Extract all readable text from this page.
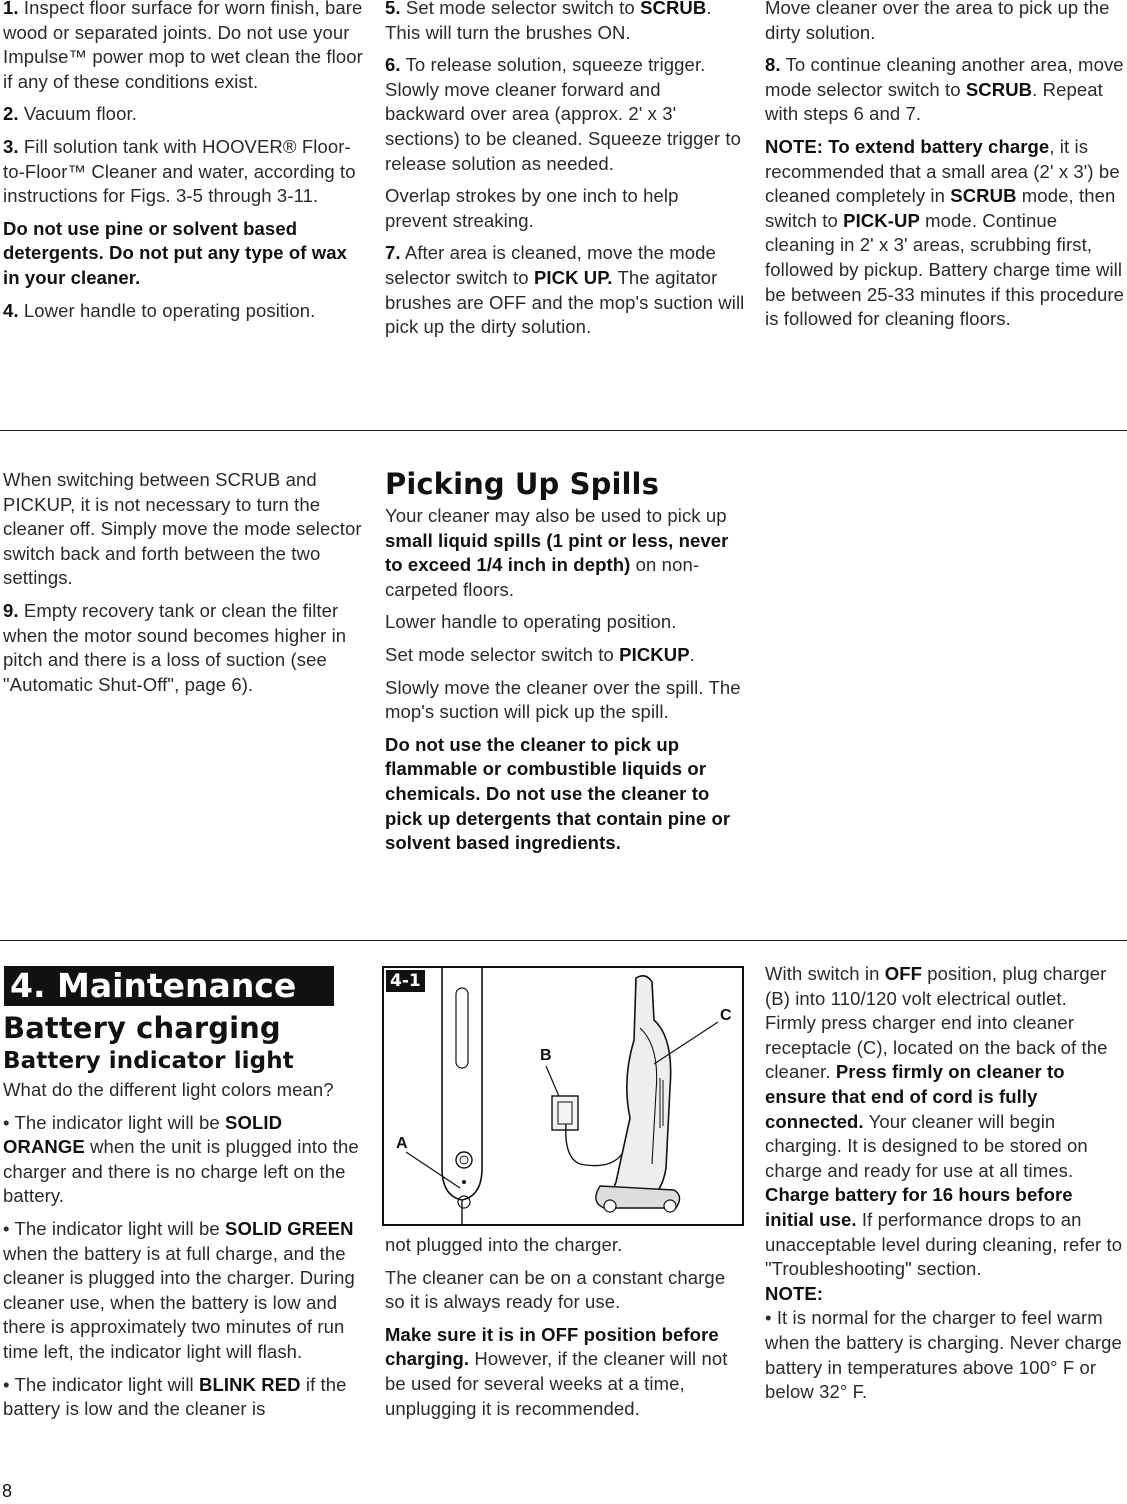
1. Inspect floor surface for worn finish, bare wood or separated joints. Do not use your Impulse™ power mop to wet clean the floor if any of these conditions exist.

2. Vacuum floor.

3. Fill solution tank with HOOVER® Floor-to-Floor™ Cleaner and water, according to instructions for Figs. 3-5 through 3-11.

Do not use pine or solvent based detergents. Do not put any type of wax in your cleaner.

4. Lower handle to operating position.

5. Set mode selector switch to SCRUB. This will turn the brushes ON.

6. To release solution, squeeze trigger. Slowly move cleaner forward and backward over area (approx. 2' x 3' sections) to be cleaned. Squeeze trigger to release solution as needed.

Overlap strokes by one inch to help prevent streaking.

7. After area is cleaned, move the mode selector switch to PICK UP. The agitator brushes are OFF and the mop's suction will pick up the dirty solution.

Move cleaner over the area to pick up the dirty solution.

8. To continue cleaning another area, move mode selector switch to SCRUB. Repeat with steps 6 and 7.

NOTE: To extend battery charge, it is recommended that a small area (2' x 3') be cleaned completely in SCRUB mode, then switch to PICK-UP mode. Continue cleaning in 2' x 3' areas, scrubbing first, followed by pickup. Battery charge time will be between 25-33 minutes if this procedure is followed for cleaning floors.

When switching between SCRUB and PICKUP, it is not necessary to turn the cleaner off. Simply move the mode selector switch back and forth between the two settings.

9. Empty recovery tank or clean the filter when the motor sound becomes higher in pitch and there is a loss of suction (see "Automatic Shut-Off", page 6).

Picking Up Spills

Your cleaner may also be used to pick up small liquid spills (1 pint or less, never to exceed 1/4 inch in depth) on non-carpeted floors.

Lower handle to operating position.

Set mode selector switch to PICKUP.

Slowly move the cleaner over the spill. The mop's suction will pick up the spill.

Do not use the cleaner to pick up flammable or combustible liquids or chemicals. Do not use the cleaner to pick up detergents that contain pine or solvent based ingredients.

4. Maintenance
Battery charging
Battery indicator light

What do the different light colors mean?

• The indicator light will be SOLID ORANGE when the unit is plugged into the charger and there is no charge left on the battery.
• The indicator light will be SOLID GREEN when the battery is at full charge, and the cleaner is plugged into the charger. During cleaner use, when the battery is low and there is approximately two minutes of run time left, the indicator light will flash.
• The indicator light will BLINK RED if the battery is low and the cleaner is
4-1
A
B
C

not plugged into the charger.

The cleaner can be on a constant charge so it is always ready for use.

Make sure it is in OFF position before charging. However, if the cleaner will not be used for several weeks at a time, unplugging it is recommended.

With switch in OFF position, plug charger (B) into 110/120 volt electrical outlet.

Firmly press charger end into cleaner receptacle (C), located on the back of the cleaner. Press firmly on cleaner to ensure that end of cord is fully connected. Your cleaner will begin charging. It is designed to be stored on charge and ready for use at all times.

Charge battery for 16 hours before initial use. If performance drops to an unacceptable level during cleaning, refer to "Troubleshooting" section.

NOTE:

• It is normal for the charger to feel warm when the battery is charging. Never charge battery in temperatures above 100° F or below 32° F.

8
